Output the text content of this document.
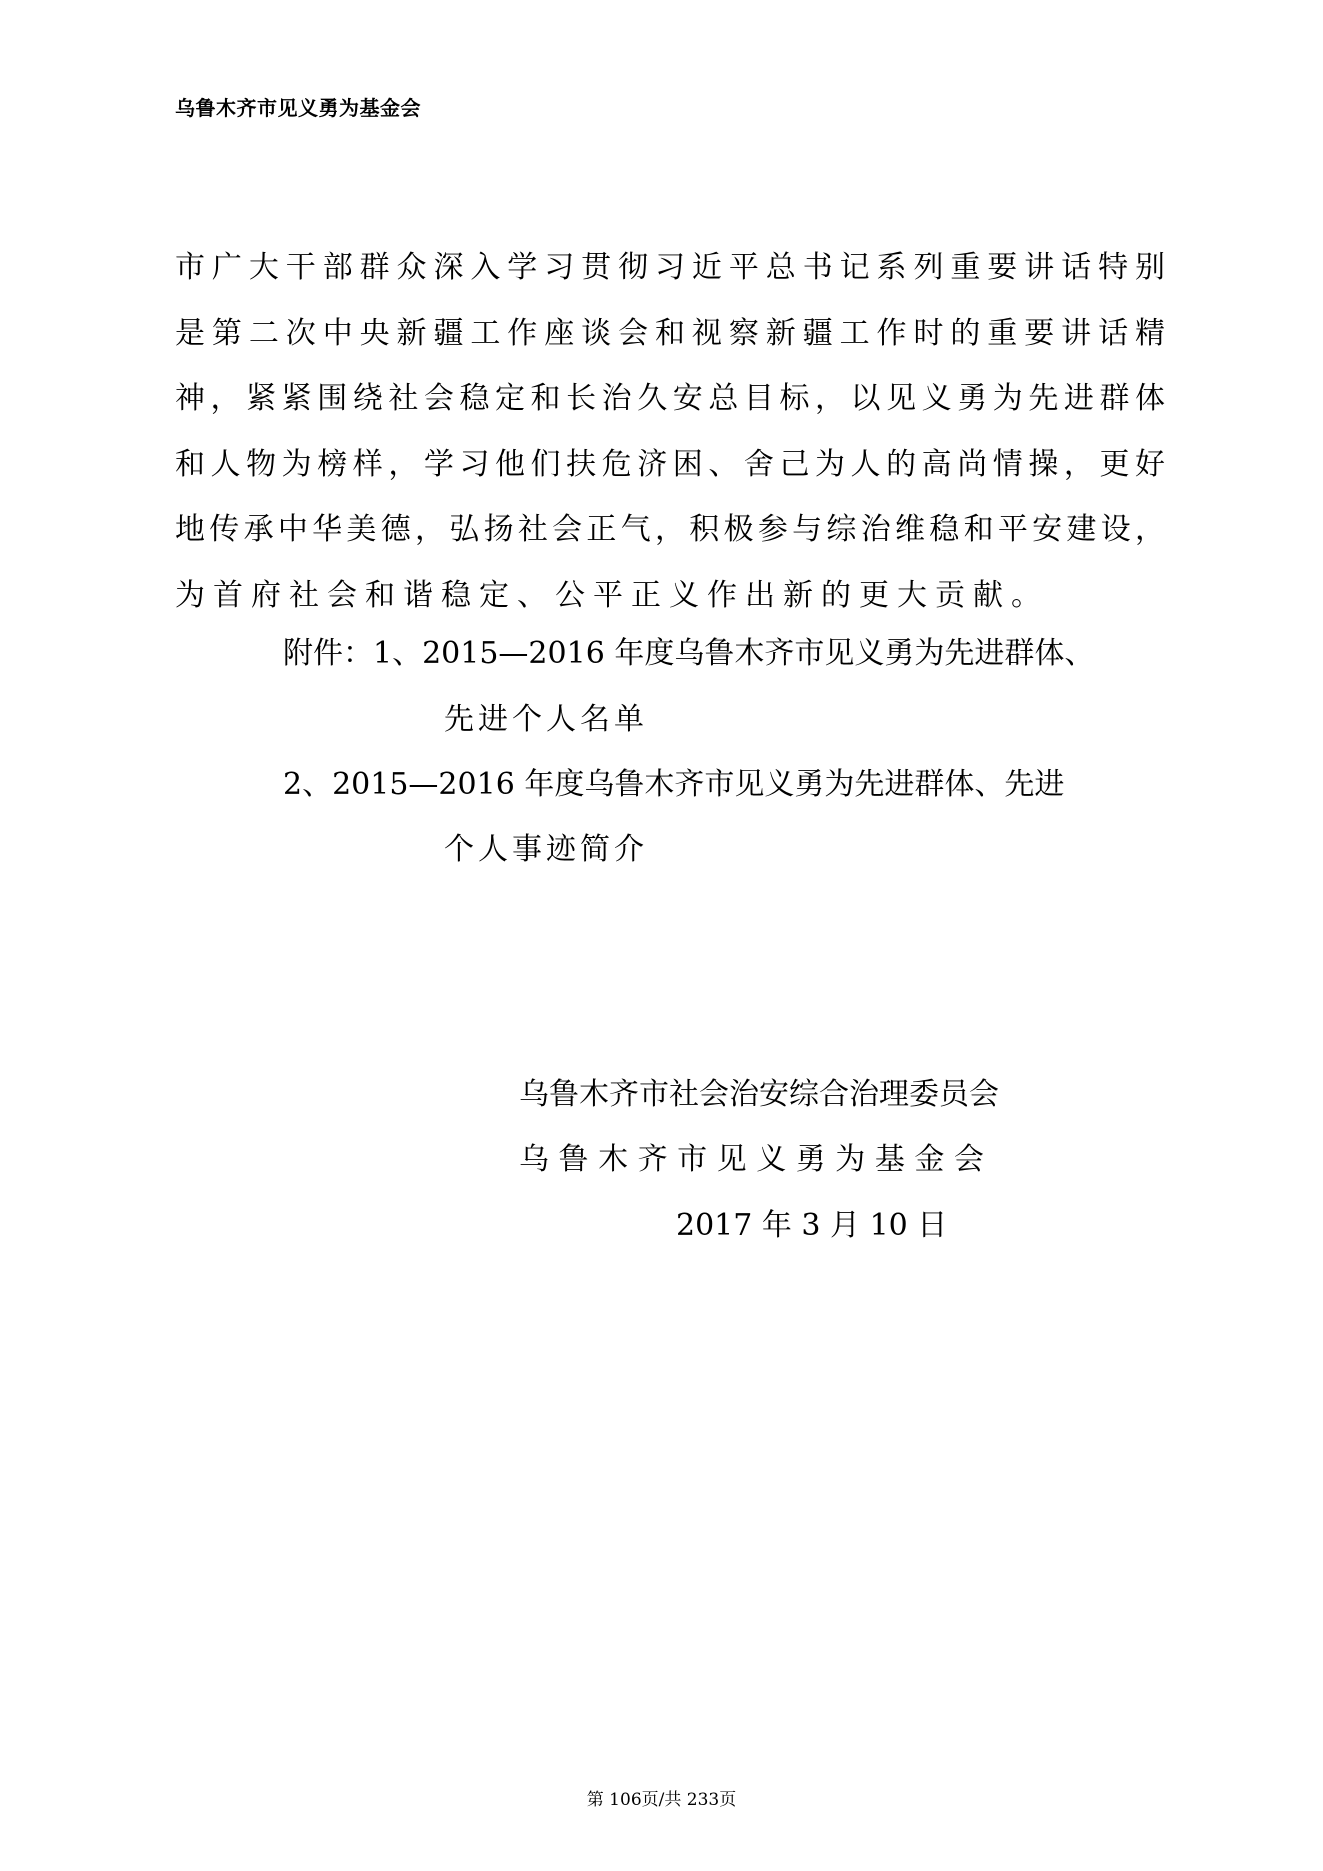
乌鲁木齐市见义勇为基金会
市广大干部群众深入学习贯彻习近平总书记系列重要讲话特别
是第二次中央新疆工作座谈会和视察新疆工作时的重要讲话精
神，紧紧围绕社会稳定和长治久安总目标，以见义勇为先进群体
和人物为榜样，学习他们扶危济困、舍己为人的高尚情操，更好
地传承中华美德，弘扬社会正气，积极参与综治维稳和平安建设，
为首府社会和谐稳定、公平正义作出新的更大贡献。
附件：1、2015—2016 年度乌鲁木齐市见义勇为先进群体、
先进个人名单
2、2015—2016 年度乌鲁木齐市见义勇为先进群体、先进
个人事迹简介
乌鲁木齐市社会治安综合治理委员会
乌 鲁 木 齐 市 见 义 勇 为 基 金 会
2017 年 3 月 10 日
第 106页/共 233页
